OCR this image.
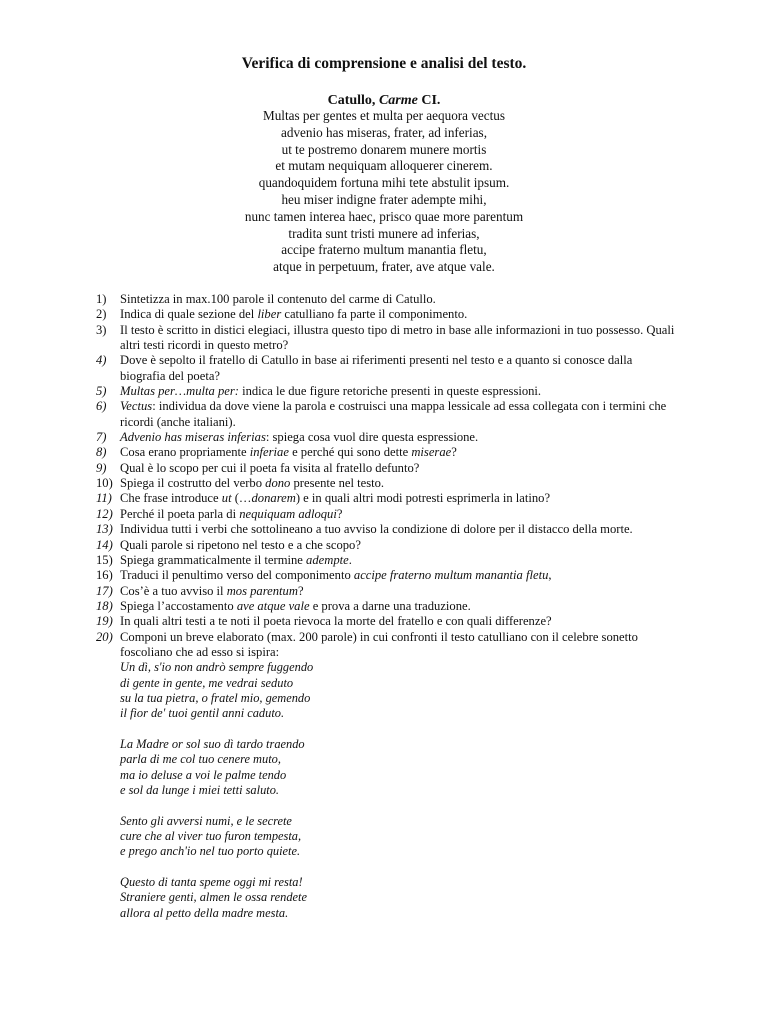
Verifica di comprensione e analisi del testo.
Catullo, Carme CI.
Multas per gentes et multa per aequora vectus
advenio has miseras, frater, ad inferias,
ut te postremo donarem munere mortis
et mutam nequiquam alloquerer cinerem.
quandoquidem fortuna mihi tete abstulit ipsum.
heu miser indigne frater adempte mihi,
nunc tamen interea haec, prisco quae more parentum
tradita sunt tristi munere ad inferias,
accipe fraterno multum manantia fletu,
atque in perpetuum, frater, ave atque vale.
1) Sintetizza in max.100 parole il contenuto del carme di Catullo.
2) Indica di quale sezione del liber catulliano fa parte il componimento.
3) Il testo è scritto in distici elegiaci, illustra questo tipo di metro in base alle informazioni in tuo possesso. Quali altri testi ricordi in questo metro?
4) Dove è sepolto il fratello di Catullo in base ai riferimenti presenti nel testo e a quanto si conosce dalla biografia del poeta?
5) Multas per…multa per: indica le due figure retoriche presenti in queste espressioni.
6) Vectus: individua da dove viene la parola e costruisci una mappa lessicale ad essa collegata con i termini che ricordi (anche italiani).
7) Advenio has miseras inferias: spiega cosa vuol dire questa espressione.
8) Cosa erano propriamente inferiae e perché qui sono dette miserae?
9) Qual è lo scopo per cui il poeta fa visita al fratello defunto?
10) Spiega il costrutto del verbo dono presente nel testo.
11) Che frase introduce ut (…donarem) e in quali altri modi potresti esprimerla in latino?
12) Perché il poeta parla di nequiquam adloqui?
13) Individua tutti i verbi che sottolineano a tuo avviso la condizione di dolore per il distacco della morte.
14) Quali parole si ripetono nel testo e a che scopo?
15) Spiega grammaticalmente il termine adempte.
16) Traduci il penultimo verso del componimento accipe fraterno multum manantia fletu,
17) Cos’è a tuo avviso il mos parentum?
18) Spiega l’accostamento ave atque vale e prova a darne una traduzione.
19) In quali altri testi a te noti il poeta rievoca la morte del fratello e con quali differenze?
20) Componi un breve elaborato (max. 200 parole) in cui confronti il testo catulliano con il celebre sonetto foscoliano che ad esso si ispira:
Un dì, s'io non andrò sempre fuggendo
di gente in gente, me vedrai seduto
su la tua pietra, o fratel mio, gemendo
il fior de' tuoi gentil anni caduto.
La Madre or sol suo dì tardo traendo
parla di me col tuo cenere muto,
ma io deluse a voi le palme tendo
e sol da lunge i miei tetti saluto.
Sento gli avversi numi, e le secrete
cure che al viver tuo furon tempesta,
e prego anch'io nel tuo porto quiete.
Questo di tanta speme oggi mi resta!
Straniere genti, almen le ossa rendete
allora al petto della madre mesta.
